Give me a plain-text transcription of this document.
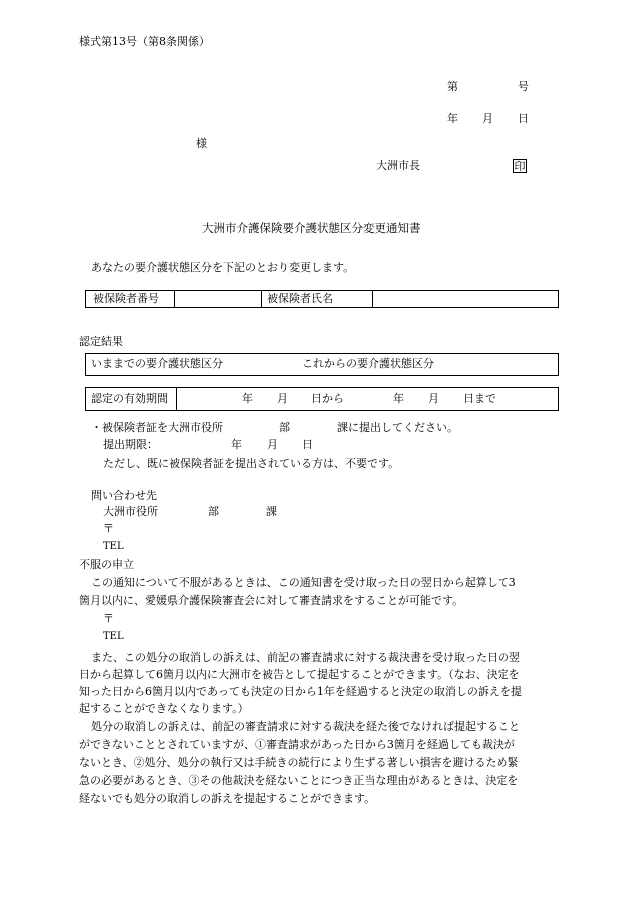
様式第13号（第8条関係）
第	号
年 月 日
様
大洲市長	印
大洲市介護保険要介護状態区分変更通知書
あなたの要介護状態区分を下記のとおり変更します。
被保険者番号	被保険者氏名
認定結果
いままでの要介護状態区分	これからの要介護状態区分
認定の有効期間	年 月 日から	年 月 日まで
・被保険者証を大洲市役所	部	課に提出してください。
提出期限：	年 月 日
ただし、既に被保険者証を提出されている方は、不要です。
問い合わせ先
大洲市役所	部	課
〒
TEL
不服の申立
この通知について不服があるときは、この通知書を受け取った日の翌日から起算して3
箇月以内に、愛媛県介護保険審査会に対して審査請求をすることが可能です。
〒
TEL
また、この処分の取消しの訴えは、前記の審査請求に対する裁決書を受け取った日の翌
日から起算して6箇月以内に大洲市を被告として提起することができます。（なお、決定を
知った日から6箇月以内であっても決定の日から1年を経過すると決定の取消しの訴えを提
起することができなくなります。）
処分の取消しの訴えは、前記の審査請求に対する裁決を経た後でなければ提起すること
ができないこととされていますが、①審査請求があった日から3箇月を経過しても裁決が
ないとき、②処分、処分の執行又は手続きの続行により生ずる著しい損害を避けるため緊
急の必要があるとき、③その他裁決を経ないことにつき正当な理由があるときは、決定を
経ないでも処分の取消しの訴えを提起することができます。
